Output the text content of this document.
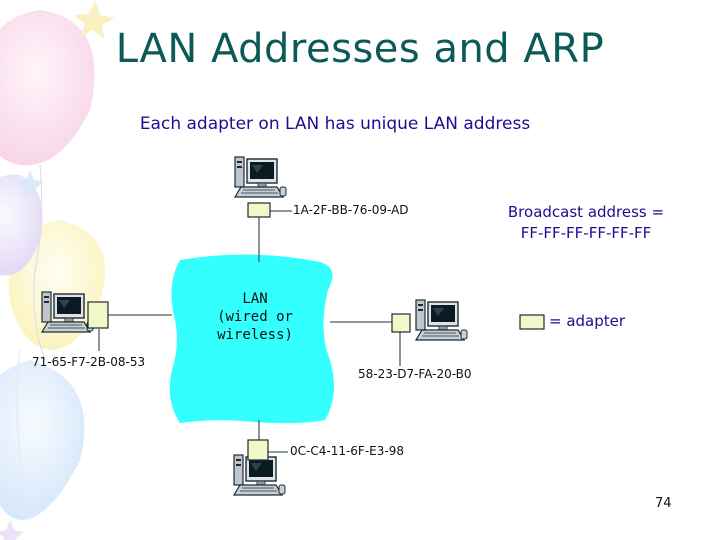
LAN Addresses and ARP
Each adapter on LAN has unique LAN address
Broadcast address =
FF-FF-FF-FF-FF-FF
= adapter
LAN
(wired or
wireless)
1A-2F-BB-76-09-AD
71-65-F7-2B-08-53
58-23-D7-FA-20-B0
0C-C4-11-6F-E3-98
74
